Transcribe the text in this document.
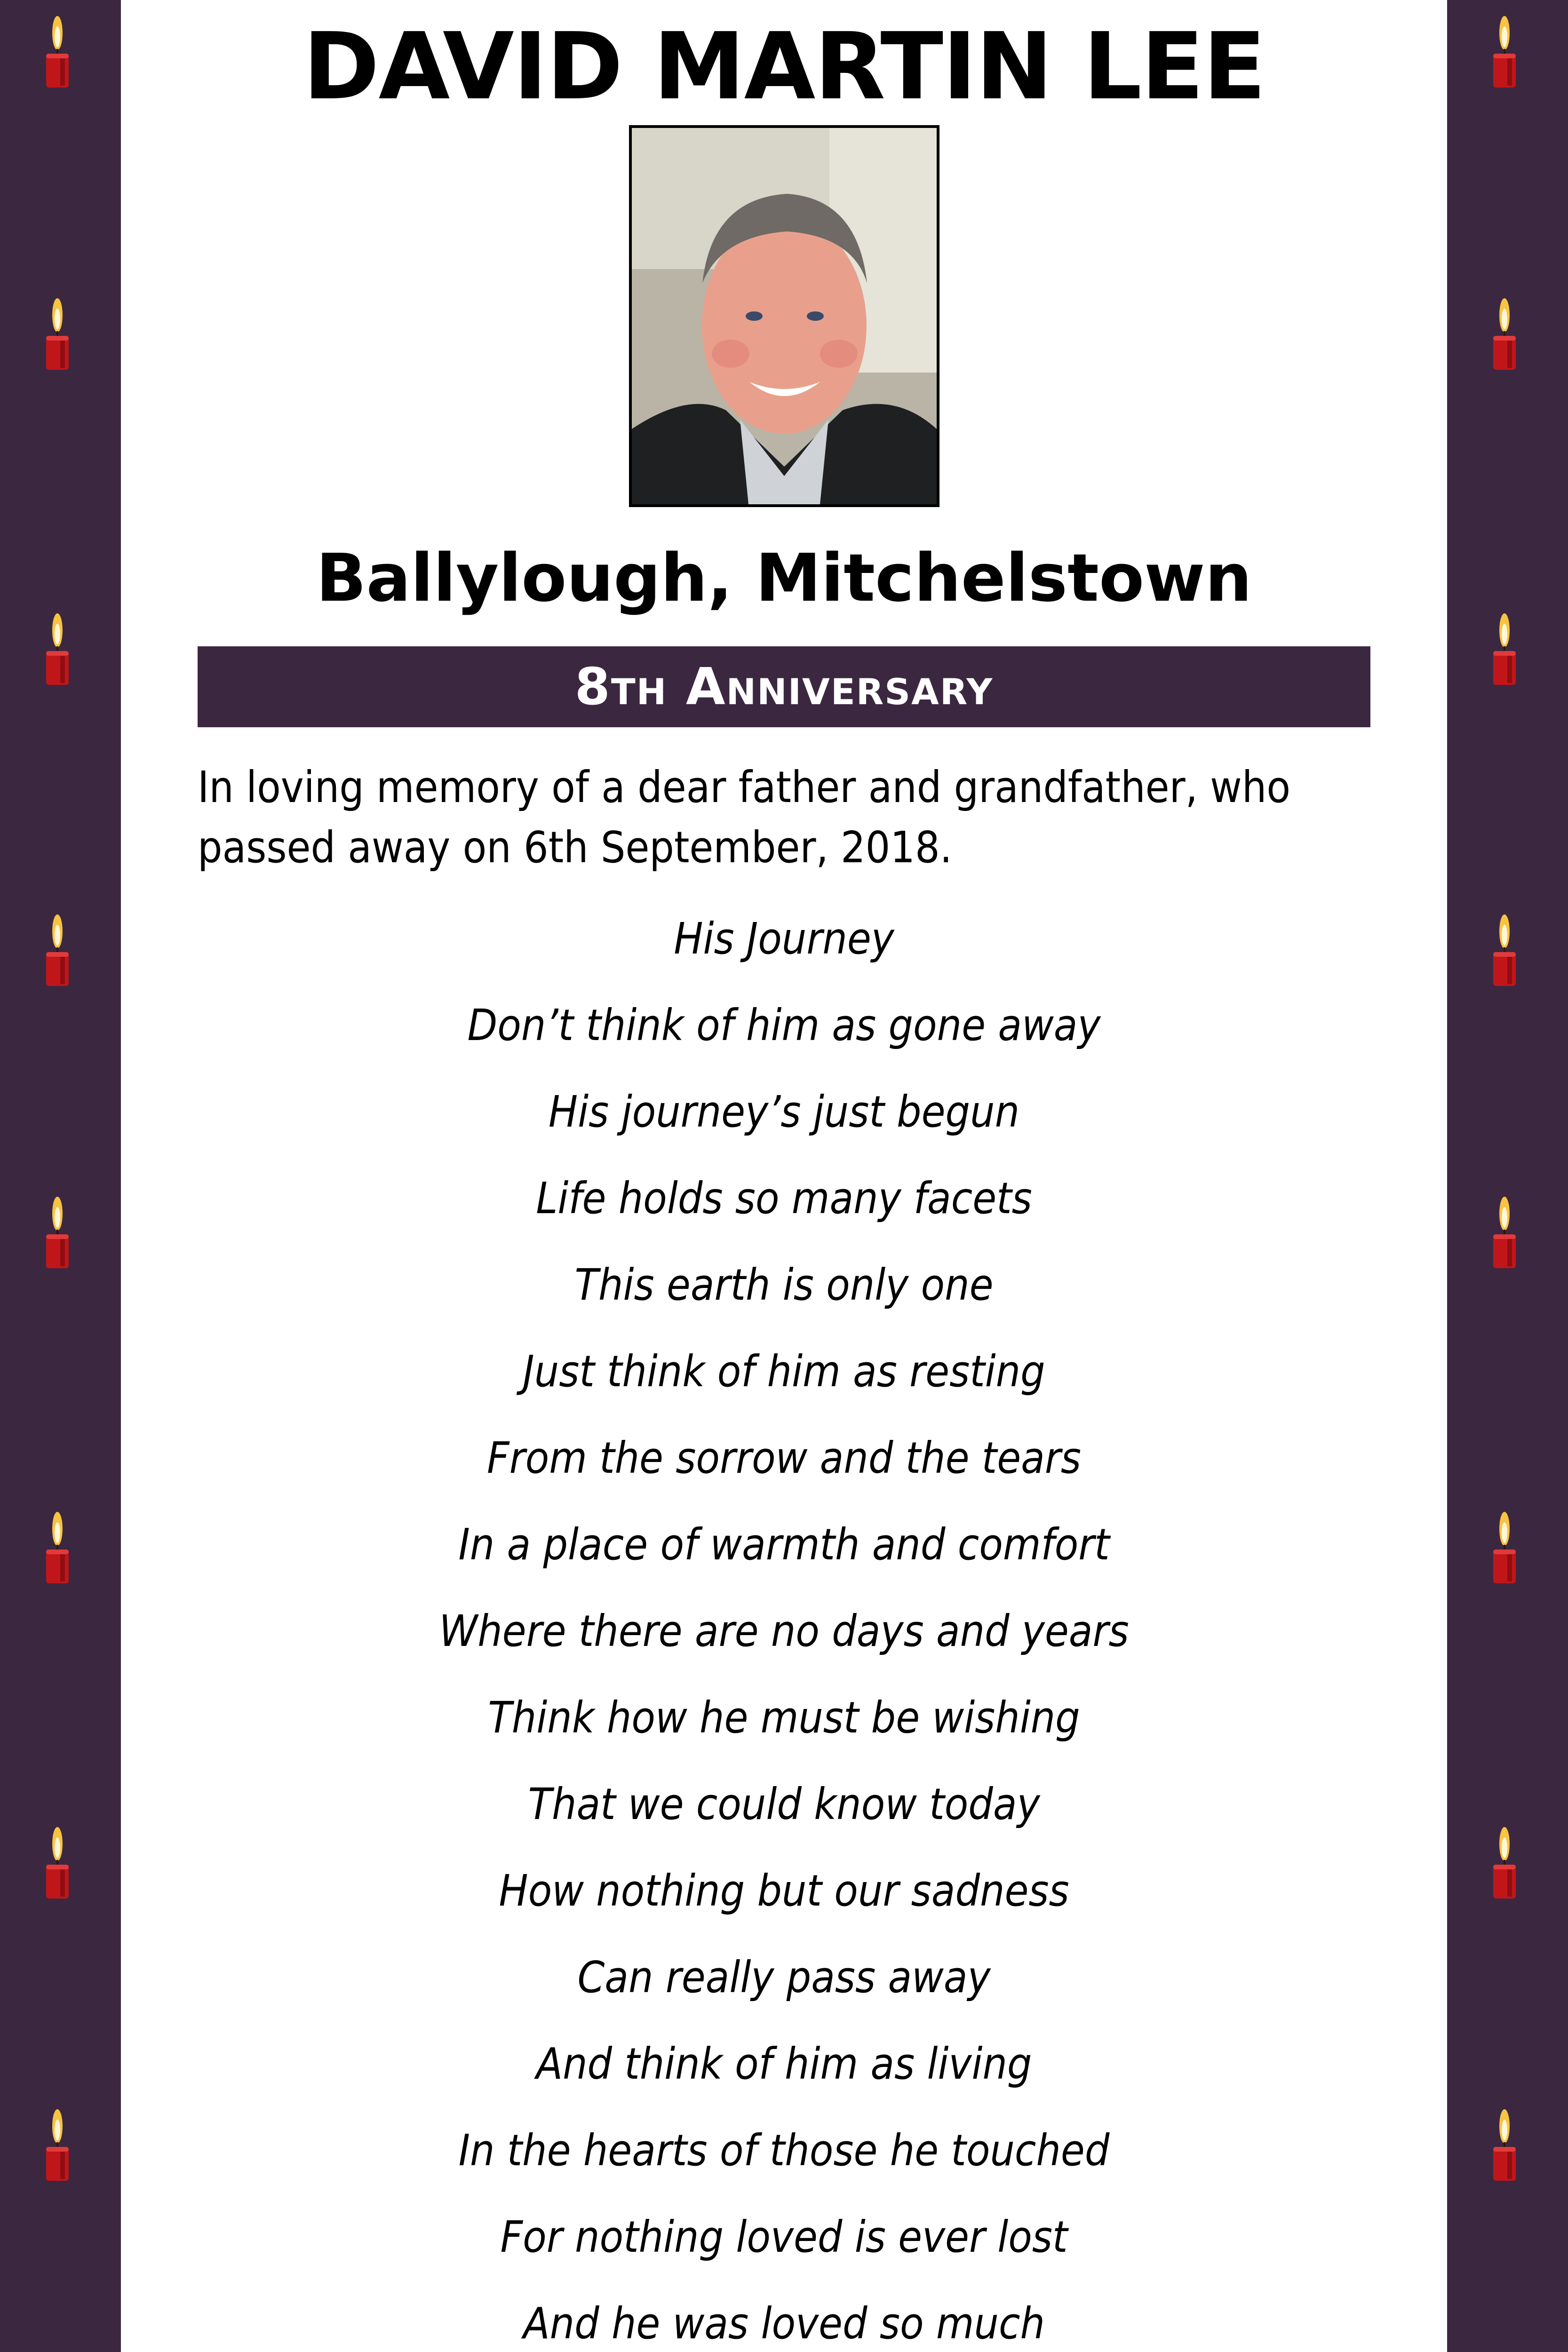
DAVID MARTIN LEE
Ballylough, Mitchelstown
8th Anniversary
In loving memory of a dear father and grandfather, who passed away on 6th September, 2018.
His Journey
Don’t think of him as gone away
His journey’s just begun
Life holds so many facets
This earth is only one
Just think of him as resting
From the sorrow and the tears
In a place of warmth and comfort
Where there are no days and years
Think how he must be wishing
That we could know today
How nothing but our sadness
Can really pass away
And think of him as living
In the hearts of those he touched
For nothing loved is ever lost
And he was loved so much
